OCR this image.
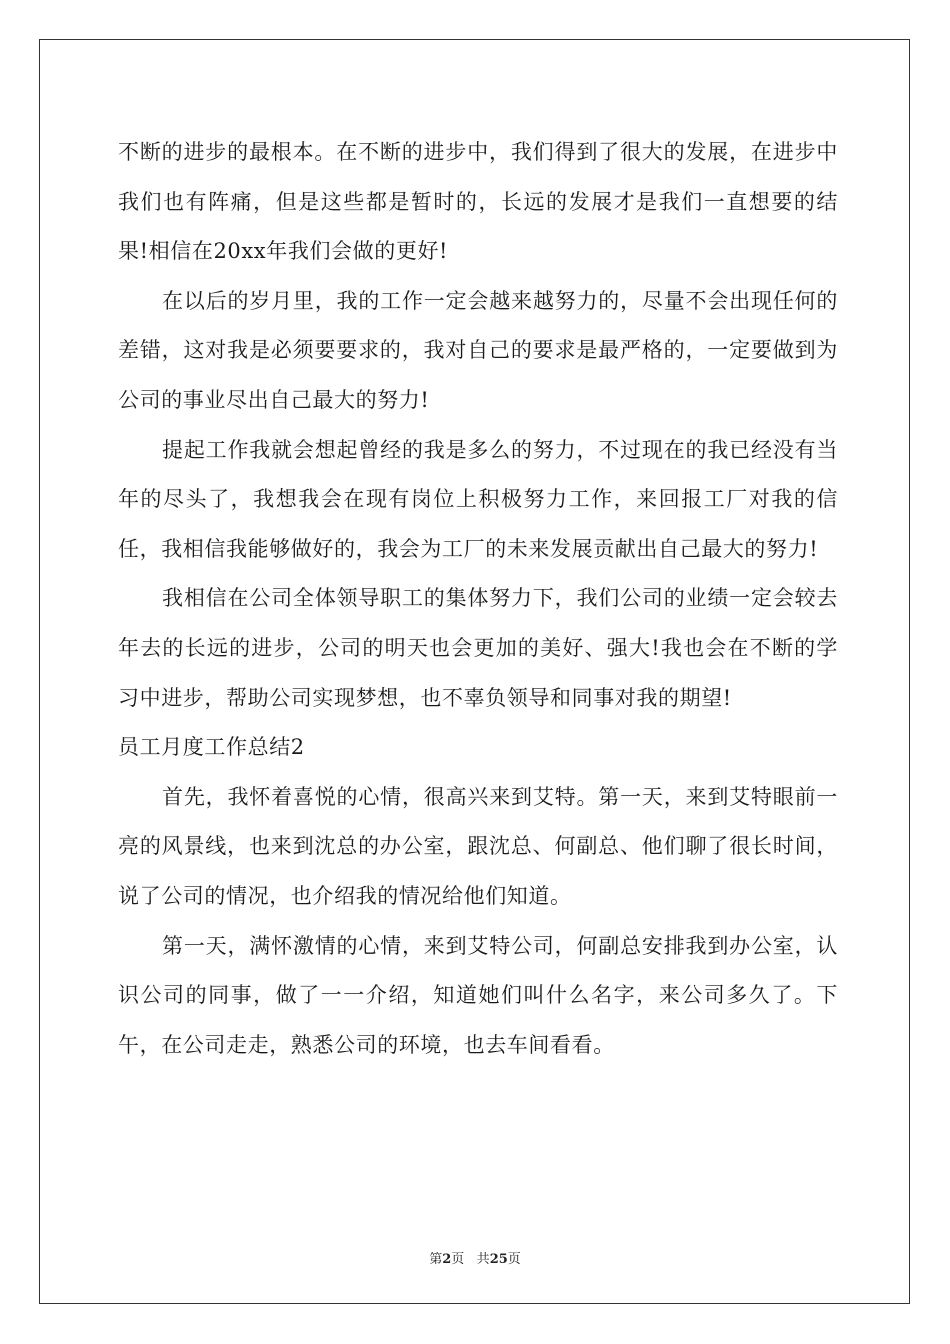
不断的进步的最根本。在不断的进步中，我们得到了很大的发展，在进步中我们也有阵痛，但是这些都是暂时的，长远的发展才是我们一直想要的结果!相信在20xx年我们会做的更好!

在以后的岁月里，我的工作一定会越来越努力的，尽量不会出现任何的差错，这对我是必须要要求的，我对自己的要求是最严格的，一定要做到为公司的事业尽出自己最大的努力!

提起工作我就会想起曾经的我是多么的努力，不过现在的我已经没有当年的尽头了，我想我会在现有岗位上积极努力工作，来回报工厂对我的信任，我相信我能够做好的，我会为工厂的未来发展贡献出自己最大的努力!

我相信在公司全体领导职工的集体努力下，我们公司的业绩一定会较去年去的长远的进步，公司的明天也会更加的美好、强大!我也会在不断的学习中进步，帮助公司实现梦想，也不辜负领导和同事对我的期望!

员工月度工作总结2

首先，我怀着喜悦的心情，很高兴来到艾特。第一天，来到艾特眼前一亮的风景线，也来到沈总的办公室，跟沈总、何副总、他们聊了很长时间，说了公司的情况，也介绍我的情况给他们知道。

第一天，满怀激情的心情，来到艾特公司，何副总安排我到办公室，认识公司的同事，做了一一介绍，知道她们叫什么名字，来公司多久了。下午，在公司走走，熟悉公司的环境，也去车间看看。

第2页 共25页
